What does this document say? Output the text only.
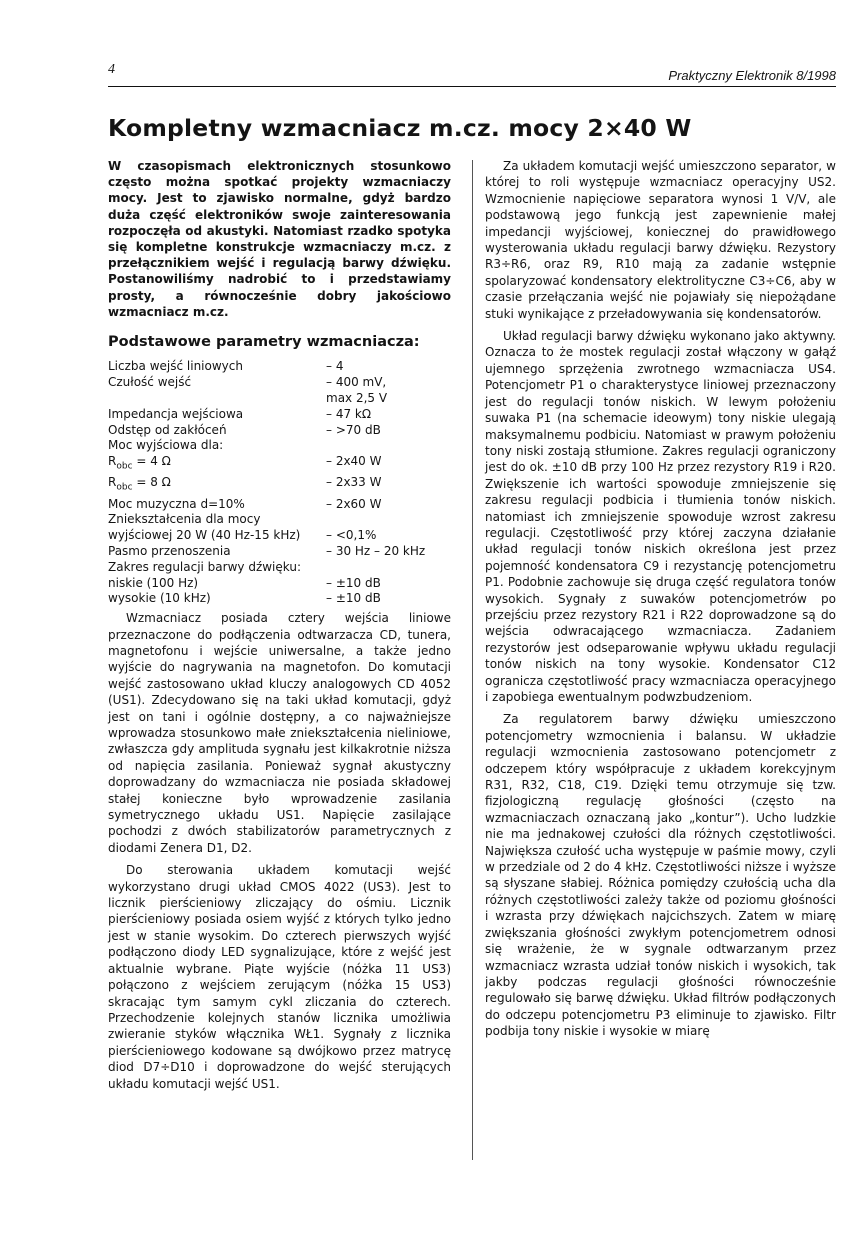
4	Praktyczny Elektronik 8/1998
Kompletny wzmacniacz m.cz. mocy 2×40 W

W czasopismach elektronicznych stosunkowo często można spotkać projekty wzmacniaczy mocy. Jest to zjawisko normalne, gdyż bardzo duża część elektroników swoje zainteresowania rozpoczęła od akustyki. Natomiast rzadko spotyka się kompletne konstrukcje wzmacniaczy m.cz. z przełącznikiem wejść i regulacją barwy dźwięku. Postanowiliśmy nadrobić to i przedstawiamy prosty, a równocześnie dobry jakościowo wzmacniacz m.cz.

Podstawowe parametry wzmacniacza:
Liczba wejść liniowych	– 4
Czułość wejść	– 400 mV,
	max 2,5 V
Impedancja wejściowa	– 47 kΩ
Odstęp od zakłóceń	– >70 dB
Moc wyjściowa dla:	
$R_{obc} = 4$ Ω	– 2x40 W
$R_{obc} = 8$ Ω	– 2x33 W
Moc muzyczna d=10%	– 2x60 W
Zniekształcenia dla mocy	
wyjściowej 20 W (40 Hz-15 kHz)	– <0,1%
Pasmo przenoszenia	– 30 Hz – 20 kHz
Zakres regulacji barwy dźwięku:	
niskie (100 Hz)	– ±10 dB
wysokie (10 kHz)	– ±10 dB

Wzmacniacz posiada cztery wejścia liniowe przeznaczone do podłączenia odtwarzacza CD, tunera, magnetofonu i wejście uniwersalne, a także jedno wyjście do nagrywania na magnetofon. Do komutacji wejść zastosowano układ kluczy analogowych CD 4052 (US1). Zdecydowano się na taki układ komutacji, gdyż jest on tani i ogólnie dostępny, a co najważniejsze wprowadza stosunkowo małe zniekształcenia nieliniowe, zwłaszcza gdy amplituda sygnału jest kilkakrotnie niższa od napięcia zasilania. Ponieważ sygnał akustyczny doprowadzany do wzmacniacza nie posiada składowej stałej konieczne było wprowadzenie zasilania symetrycznego układu US1. Napięcie zasilające pochodzi z dwóch stabilizatorów parametrycznych z diodami Zenera D1, D2.

Do sterowania układem komutacji wejść wykorzystano drugi układ CMOS 4022 (US3). Jest to licznik pierścieniowy zliczający do ośmiu. Licznik pierścieniowy posiada osiem wyjść z których tylko jedno jest w stanie wysokim. Do czterech pierwszych wyjść podłączono diody LED sygnalizujące, które z wejść jest aktualnie wybrane. Piąte wyjście (nóżka 11 US3) połączono z wejściem zerującym (nóżka 15 US3) skracając tym samym cykl zliczania do czterech. Przechodzenie kolejnych stanów licznika umożliwia zwieranie styków włącznika WŁ1. Sygnały z licznika pierścieniowego kodowane są dwójkowo przez matrycę diod D7÷D10 i doprowadzone do wejść sterujących układu komutacji wejść US1.

Za układem komutacji wejść umieszczono separator, w której to roli występuje wzmacniacz operacyjny US2. Wzmocnienie napięciowe separatora wynosi 1 V/V, ale podstawową jego funkcją jest zapewnienie małej impedancji wyjściowej, koniecznej do prawidłowego wysterowania układu regulacji barwy dźwięku. Rezystory R3÷R6, oraz R9, R10 mają za zadanie wstępnie spolaryzować kondensatory elektrolityczne C3÷C6, aby w czasie przełączania wejść nie pojawiały się niepożądane stuki wynikające z przeładowywania się kondensatorów.

Układ regulacji barwy dźwięku wykonano jako aktywny. Oznacza to że mostek regulacji został włączony w gałąź ujemnego sprzężenia zwrotnego wzmacniacza US4. Potencjometr P1 o charakterystyce liniowej przeznaczony jest do regulacji tonów niskich. W lewym położeniu suwaka P1 (na schemacie ideowym) tony niskie ulegają maksymalnemu podbiciu. Natomiast w prawym położeniu tony niski zostają stłumione. Zakres regulacji ograniczony jest do ok. ±10 dB przy 100 Hz przez rezystory R19 i R20. Zwiększenie ich wartości spowoduje zmniejszenie się zakresu regulacji podbicia i tłumienia tonów niskich. natomiast ich zmniejszenie spowoduje wzrost zakresu regulacji. Częstotliwość przy której zaczyna działanie układ regulacji tonów niskich określona jest przez pojemność kondensatora C9 i rezystancję potencjometru P1. Podobnie zachowuje się druga część regulatora tonów wysokich. Sygnały z suwaków potencjometrów po przejściu przez rezystory R21 i R22 doprowadzone są do wejścia odwracającego wzmacniacza. Zadaniem rezystorów jest odseparowanie wpływu układu regulacji tonów niskich na tony wysokie. Kondensator C12 ogranicza częstotliwość pracy wzmacniacza operacyjnego i zapobiega ewentualnym podwzbudzeniom.

Za regulatorem barwy dźwięku umieszczono potencjometry wzmocnienia i balansu. W układzie regulacji wzmocnienia zastosowano potencjometr z odczepem który współpracuje z układem korekcyjnym R31, R32, C18, C19. Dzięki temu otrzymuje się tzw. fizjologiczną regulację głośności (często na wzmacniaczach oznaczaną jako „kontur”). Ucho ludzkie nie ma jednakowej czułości dla różnych częstotliwości. Największa czułość ucha występuje w paśmie mowy, czyli w przedziale od 2 do 4 kHz. Częstotliwości niższe i wyższe są słyszane słabiej. Różnica pomiędzy czułością ucha dla różnych częstotliwości zależy także od poziomu głośności i wzrasta przy dźwiękach najcichszych. Zatem w miarę zwiększania głośności zwykłym potencjometrem odnosi się wrażenie, że w sygnale odtwarzanym przez wzmacniacz wzrasta udział tonów niskich i wysokich, tak jakby podczas regulacji głośności równocześnie regulowało się barwę dźwięku. Układ filtrów podłączonych do odczepu potencjometru P3 eliminuje to zjawisko. Filtr podbija tony niskie i wysokie w miarę
